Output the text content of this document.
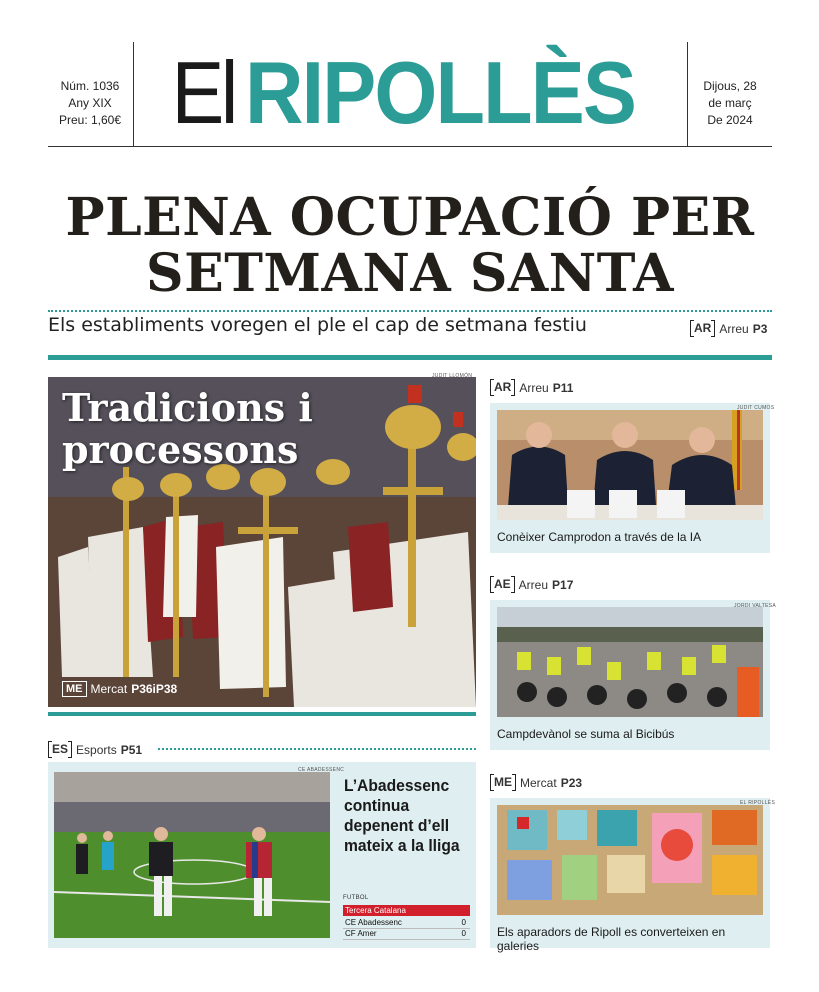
Núm. 1036
Any XIX
Preu: 1,60€ El RIPOLLÈS	Dijous, 28
de març
De 2024
PLENA OCUPACIÓ PER
SETMANA SANTA
Els establiments voregen el ple el cap de setmana festiu	AR Arreu P3
Tradicions i
processons
ME Mercat P36iP38
JUDIT LLOMÓN
AR Arreu P11
Conèixer Camprodon a través de la IA
JUDIT CUMOS
AE Arreu P17
Campdevànol se suma al Bicibús
JORDI VALTESA
ES Esports P51
L’Abadessenc continua depenent d’ell mateix a la lliga
FUTBOL
Tercera Catalana
CE Abadessenc	0
CF Amer	0
CE ABADESSENC
ME Mercat P23
Els aparadors de Ripoll es converteixen en galeries
EL RIPOLLÈS
